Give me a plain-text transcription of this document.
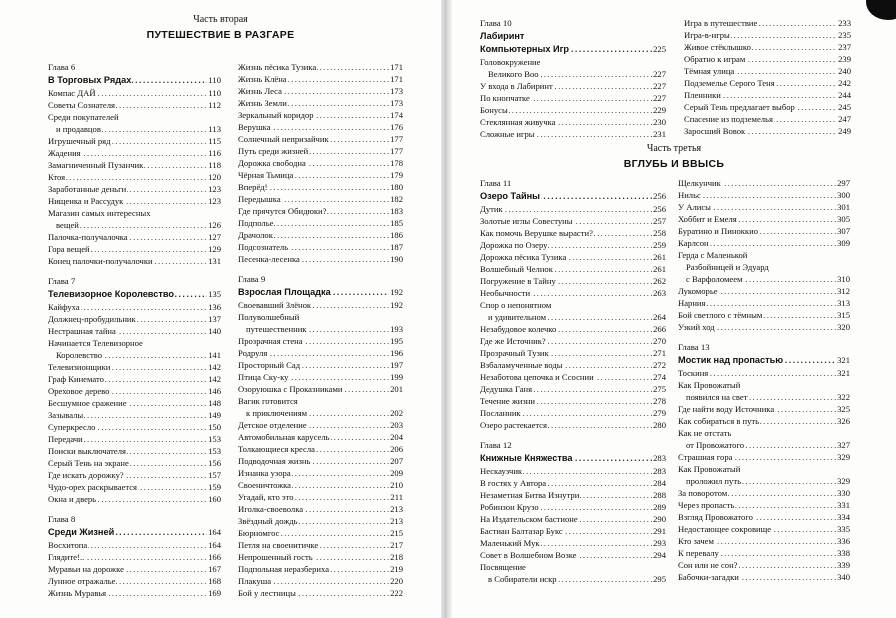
Часть вторая
ПУТЕШЕСТВИЕ В РАЗГАРЕ
Глава 6
..... В Торговых Рядах	110
..... Компас ДАЙ	110
..... Советы Сознателя	112
Среди покупателей
..... и продавцов	113
..... Игрушечный ряд	115
..... Жадения	116
..... Замагниченный Пузанчик	118
..... Ктоя	120
..... Заработанные деньги	123
..... Нищенка и Рассудук	123
Магазин самых интересных
..... вещей	126
..... Палочка-получалочка	127
..... Гора вещей	129
..... Конец палочки-получалочки	131
Глава 7
..... Телевизорное Королевство	135
..... Кайфуха	136
..... Должнец-пробудильник	137
..... Нестрашная тайна	140
Начинается Телевизорное
..... Королевство	141
..... Телевизионщики	142
..... Граф Кинемато	142
..... Ореховое дерево	146
..... Бесшумное сражение	148
..... Зазывалы	149
..... Суперкресло	150
..... Передачи	153
..... Поиски выключателя	153
..... Серый Тень на экране	156
..... Где искать дорожку?	157
..... Чудо-орех раскрывается	159
..... Окна и дверь	160
Глава 8
..... Среди Жизней	164
..... Восхитопа	164
..... Глядите!..	166
..... Муравьи на дорожке	167
..... Лунное отражалье	168
..... Жизнь Муравья	169
..... Жизнь пёсика Тузика	171
..... Жизнь Клёна	171
..... Жизнь Леса	173
..... Жизнь Земли	173
..... Зеркальный коридор	174
..... Верушка	176
..... Солнечный непризайчик	177
..... Путь среди жизней	177
..... Дорожка свободна	178
..... Чёрная Тьмица	179
..... Вперёд!	180
..... Передышка	182
..... Где прячутся Обидюки?	183
..... Подполье	185
..... Драчолок	186
..... Подсознатель	187
..... Песенка-лесенка	190
Глава 9
..... Взрослая Площадка	192
..... Своевавший Злёнок	192
Полуволшебный
..... путешественник	193
..... Прозрачная стена	195
..... Родруля	196
..... Просторный Сад	197
..... Птица Ску-ку	199
..... Озоруюшка с Проказниками	201
Вагик готовится
..... к приключениям	202
..... Детское отделение	203
..... Автомобильная карусель	204
..... Толкающиеся кресла	206
..... Подводочная жизнь	207
..... Изнанка узора	209
..... Своеничтожка	210
..... Угадай, кто это	211
..... Иголка-своеволка	213
..... Звёздный дождь	213
..... Бюрномгос	215
..... Петля на своенитичке	217
..... Непрошенный гость	218
..... Подпольная неразбериха	219
..... Плакуша	220
..... Бой у лестницы	222
Глава 10
Лабиринт
..... Компьютерных Игр	225
Головокружение
..... Великого Воо	227
..... У входа в Лабиринт	227
..... По кнопчатке	227
..... Бонусы	229
..... Стеклянная живучка	230
..... Сложные игры	231
..... Игра в путешествие	233
..... Игра-в-игры	235
..... Живое стёклышко	237
..... Обратно к играм	239
..... Тёмная улица	240
..... Подземелье Серого Теня	242
..... Пленники	244
..... Серый Тень предлагает выбор	245
..... Спасение из подземелья	247
..... Заросший Вовок	249
Часть третья
ВГЛУБЬ И ВВЫСЬ
Глава 11
..... Озеро Тайны	256
..... Дутик	256
..... Золотые иглы Совестуны	257
..... Как помочь Верушке вырасти?	258
..... Дорожка по Озеру	259
..... Дорожка пёсика Тузика	261
..... Волшебный Челнок	261
..... Погружение в Тайну	262
..... Необычности	263
Спор о непонятном
..... и удивительном	264
..... Незабудовое колечко	266
..... Где же Источник?	270
..... Прозрачный Тузик	271
..... Взбаламученные воды	272
..... Незаботова цепочка и Ссоснии	274
..... Дедушка Ганя	275
..... Течение жизни	278
..... Посланник	279
..... Озеро растекается	280
Глава 12
..... Книжные Княжества	283
..... Нескаузчик	283
..... В гостях у Автора	284
..... Незаметная Битва Изнутри	288
..... Робинзон Крузо	289
..... На Издательском бастионе	290
..... Бастиан Балтазар Букс	291
..... Маленький Мук	293
..... Совет в Волшебном Возке	294
Посвящение
..... в Собиратели искр	295
..... Щелкунчик	297
..... Нильс	300
..... У Алисы	301
..... Хоббит и Емеля	305
..... Буратино и Пиноккио	307
..... Карлсон	309
Герда с Маленькой
Разбойницей и Эдуард
..... с Варфоломеем	310
..... Лукоморье	312
..... Нарния	313
..... Бой светлого с тёмным	315
..... Узкий ход	320
Глава 13
..... Мостик над пропастью	321
..... Тоскиня	321
Как Провожатый
..... появился на свет	322
..... Где найти воду Источника	325
..... Как собираться в путь	326
Как не отстать
..... от Провожатого	327
..... Страшная гора	329
Как Провожатый
..... проложил путь	329
..... За поворотом	330
..... Через пропасть	331
..... Взгляд Провожатого	334
..... Недостающее сокровище	335
..... Кто зачем	336
..... К перевалу	338
..... Сон или не сон?	339
..... Бабочки-загадки	340
